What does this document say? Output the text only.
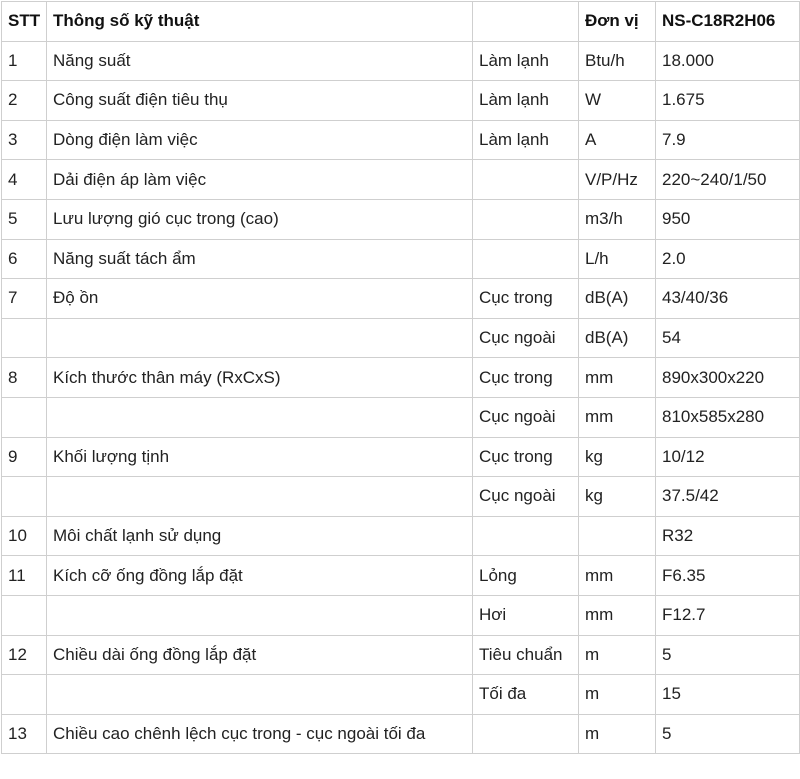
STT	Thông số kỹ thuật		Đơn vị	NS-C18R2H06
1	Năng suất	Làm lạnh	Btu/h	18.000
2	Công suất điện tiêu thụ	Làm lạnh	W	1.675
3	Dòng điện làm việc	Làm lạnh	A	7.9
4	Dải điện áp làm việc		V/P/Hz	220~240/1/50
5	Lưu lượng gió cục trong (cao)		m3/h	950
6	Năng suất tách ẩm		L/h	2.0
7	Độ ồn	Cục trong	dB(A)	43/40/36
		Cục ngoài	dB(A)	54
8	Kích thước thân máy (RxCxS)	Cục trong	mm	890x300x220
		Cục ngoài	mm	810x585x280
9	Khối lượng tịnh	Cục trong	kg	10/12
		Cục ngoài	kg	37.5/42
10	Môi chất lạnh sử dụng			R32
11	Kích cỡ ống đồng lắp đặt	Lỏng	mm	F6.35
		Hơi	mm	F12.7
12	Chiều dài ống đồng lắp đặt	Tiêu chuẩn	m	5
		Tối đa	m	15
13	Chiều cao chênh lệch cục trong - cục ngoài tối đa		m	5
